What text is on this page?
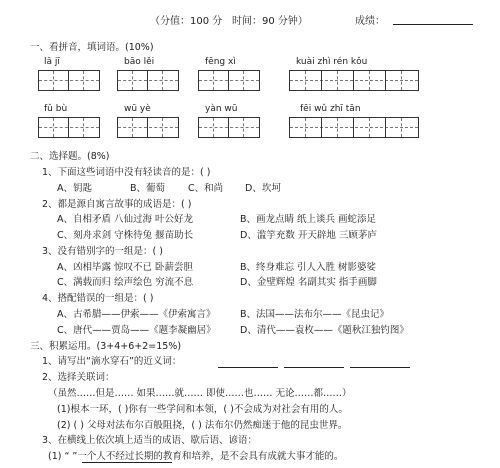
（分值：100 分 时间：90 分钟）	成绩：
一、看拼音，填词语。(10%)
lā jī	bāo lěi	fēng xì	kuài zhì rén kǒu
fǔ bù	wū yè	yàn wū	fēi wǔ zhī tān
二、选择题。(8%)
1、下面这些词语中没有轻读音的是：( )
A、钥匙	B、葡萄 C、和尚 D、坎坷
2、都是源自寓言故事的成语是：( )
A、自相矛盾 八仙过海 叶公好龙	B、画龙点睛 纸上谈兵 画蛇添足
C、刻舟求剑 守株待兔 揠苗助长	D、滥竽充数 开天辟地 三顾茅庐
3、没有错别字的一组是：( )
A、凶相毕露 惊叹不已 卧薪尝胆	B、终身难忘 引人入胜 树影婆娑
C、满载而归 绘声绘色 穷流不息	D、金壁辉煌 名副其实 指手画脚
4、搭配错误的一组是：( )
A、古希腊——伊索——《伊索寓言》	B、法国——法布尔——《昆虫记》
C、唐代——贾岛——《题李凝幽居》	D、清代——袁枚——《题秋江独钓图》
三、积累运用。(3+4+6+2=15%)
1、请写出“滴水穿石”的近义词：
2、选择关联词：
（虽然……但是…… 如果……就…… 即使……也…… 无论……都……）
(1)根本一环，( )你有一些学问和本领，( )不会成为对社会有用的人。
(2) ( ) 父母对法布尔百般阻挠，( ) 法布尔仍然痴迷于他的昆虫世界。
3、在横线上依次填上适当的成语、歇后语、谚语：
(1) “ ”一个人不经过长期的教育和培养，是不会具有成就大事才能的。
